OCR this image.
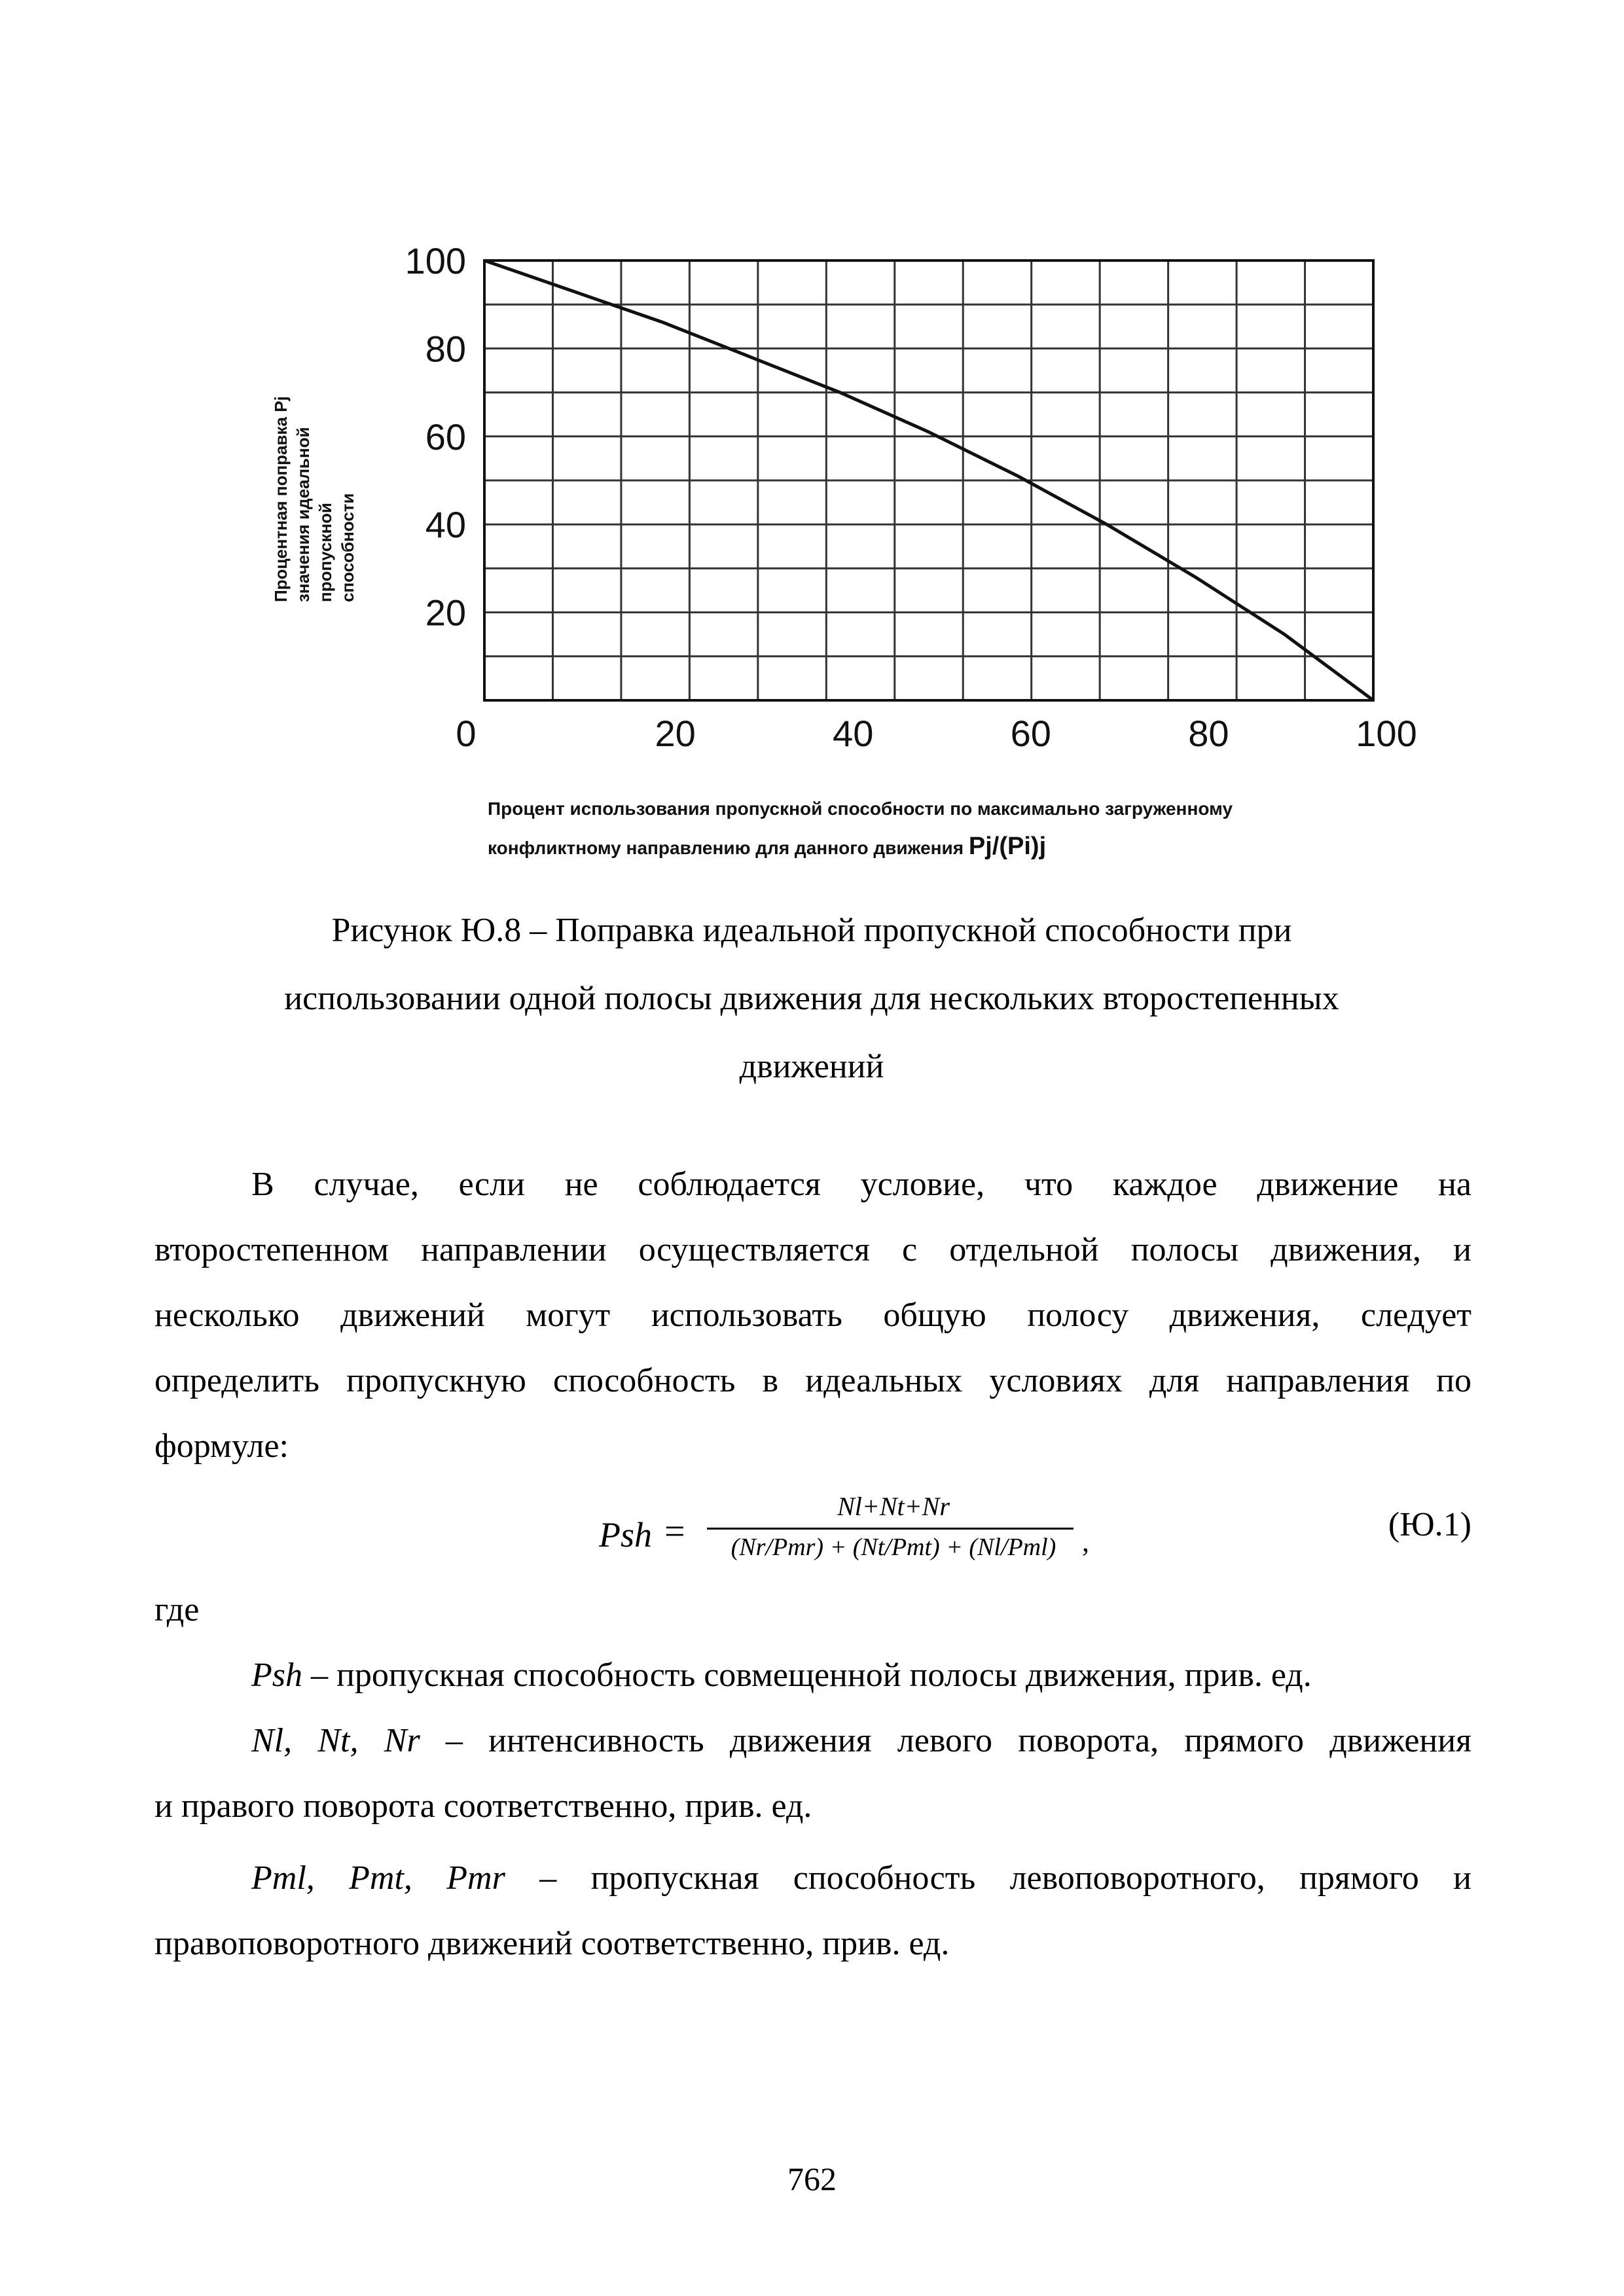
20
40
60
80
100
0	20	40	60	80	100
Процентная поправка Pj значения идеальной пропускной способности
Процент использования пропускной способности по максимально загруженному
конфликтному направлению для данного движения Pj/(Pi)j
Рисунок Ю.8 – Поправка идеальной пропускной способности при
использовании одной полосы движения для нескольких второстепенных
движений
В случае, если не соблюдается условие, что каждое движение на
второстепенном направлении осуществляется с отдельной полосы движения, и
несколько движений могут использовать общую полосу движения, следует
определить пропускную способность в идеальных условиях для направления по
формуле:
Psh =
Nl+Nt+Nr
(Nr/Pmr) + (Nt/Pmt) + (Nl/Pml) ,	(Ю.1)
где
Psh – пропускная способность совмещенной полосы движения, прив. ед.
Nl, Nt, Nr – интенсивность движения левого поворота, прямого движения
и правого поворота соответственно, прив. ед.
Pml, Pmt, Pmr – пропускная способность левоповоротного, прямого и
правоповоротного движений соответственно, прив. ед.
762
